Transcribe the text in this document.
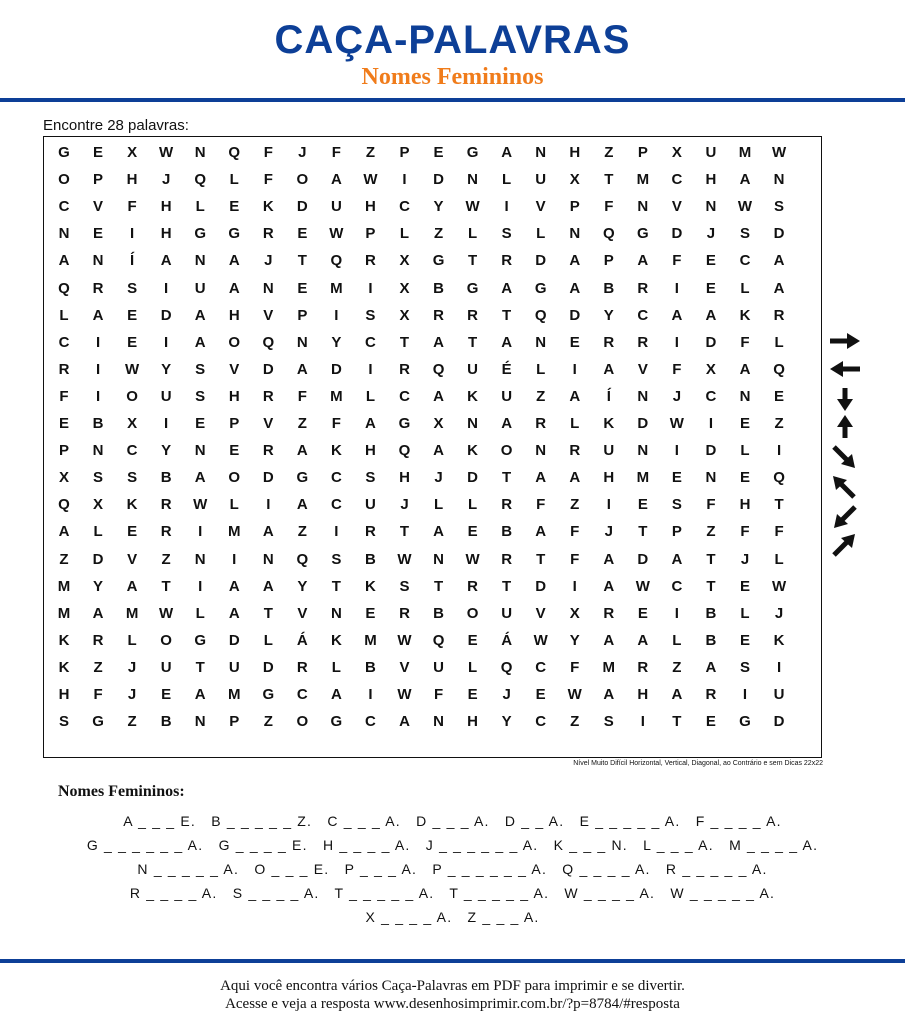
CAÇA-PALAVRAS
Nomes Femininos
Encontre 28 palavras:
G	E	X	W	N	Q	F	J	F	Z	P	E	G	A	N	H	Z	P	X	U	M	W
O	P	H	J	Q	L	F	O	A	W	I	D	N	L	U	X	T	M	C	H	A	N
C	V	F	H	L	E	K	D	U	H	C	Y	W	I	V	P	F	N	V	N	W	S
N	E	I	H	G	G	R	E	W	P	L	Z	L	S	L	N	Q	G	D	J	S	D
A	N	Í	A	N	A	J	T	Q	R	X	G	T	R	D	A	P	A	F	E	C	A
Q	R	S	I	U	A	N	E	M	I	X	B	G	A	G	A	B	R	I	E	L	A
L	A	E	D	A	H	V	P	I	S	X	R	R	T	Q	D	Y	C	A	A	K	R
C	I	E	I	A	O	Q	N	Y	C	T	A	T	A	N	E	R	R	I	D	F	L
R	I	W	Y	S	V	D	A	D	I	R	Q	U	É	L	I	A	V	F	X	A	Q
F	I	O	U	S	H	R	F	M	L	C	A	K	U	Z	A	Í	N	J	C	N	E
E	B	X	I	E	P	V	Z	F	A	G	X	N	A	R	L	K	D	W	I	E	Z
P	N	C	Y	N	E	R	A	K	H	Q	A	K	O	N	R	U	N	I	D	L	I
X	S	S	B	A	O	D	G	C	S	H	J	D	T	A	A	H	M	E	N	E	Q
Q	X	K	R	W	L	I	A	C	U	J	L	L	R	F	Z	I	E	S	F	H	T
A	L	E	R	I	M	A	Z	I	R	T	A	E	B	A	F	J	T	P	Z	F	F
Z	D	V	Z	N	I	N	Q	S	B	W	N	W	R	T	F	A	D	A	T	J	L
M	Y	A	T	I	A	A	Y	T	K	S	T	R	T	D	I	A	W	C	T	E	W
M	A	M	W	L	A	T	V	N	E	R	B	O	U	V	X	R	E	I	B	L	J
K	R	L	O	G	D	L	Á	K	M	W	Q	E	Á	W	Y	A	A	L	B	E	K
K	Z	J	U	T	U	D	R	L	B	V	U	L	Q	C	F	M	R	Z	A	S	I
H	F	J	E	A	M	G	C	A	I	W	F	E	J	E	W	A	H	A	R	I	U
S	G	Z	B	N	P	Z	O	G	C	A	N	H	Y	C	Z	S	I	T	E	G	D
Nível Muito Difícil Horizontal, Vertical, Diagonal, ao Contrário e sem Dicas 22x22
Nomes Femininos:
A _ _ _ E.   B _ _ _ _ _ Z.   C _ _ _ A.   D _ _ _ A.   D _ _ A.   E _ _ _ _ _ A.   F _ _ _ _ A.
G _ _ _ _ _ _ A.   G _ _ _ _ E.   H _ _ _ _ A.   J _ _ _ _ _ _ A.   K _ _ _ N.   L _ _ _ A.   M _ _ _ _ A.
N _ _ _ _ _ A.   O _ _ _ E.   P _ _ _ A.   P _ _ _ _ _ _ A.   Q _ _ _ _ A.   R _ _ _ _ _ A.
R _ _ _ _ A.   S _ _ _ _ A.   T _ _ _ _ _ A.   T _ _ _ _ _ A.   W _ _ _ _ A.   W _ _ _ _ _ A.
X _ _ _ _ A.   Z _ _ _ A.
Aqui você encontra vários Caça-Palavras em PDF para imprimir e se divertir.
Acesse e veja a resposta www.desenhosimprimir.com.br/?p=8784/#resposta
